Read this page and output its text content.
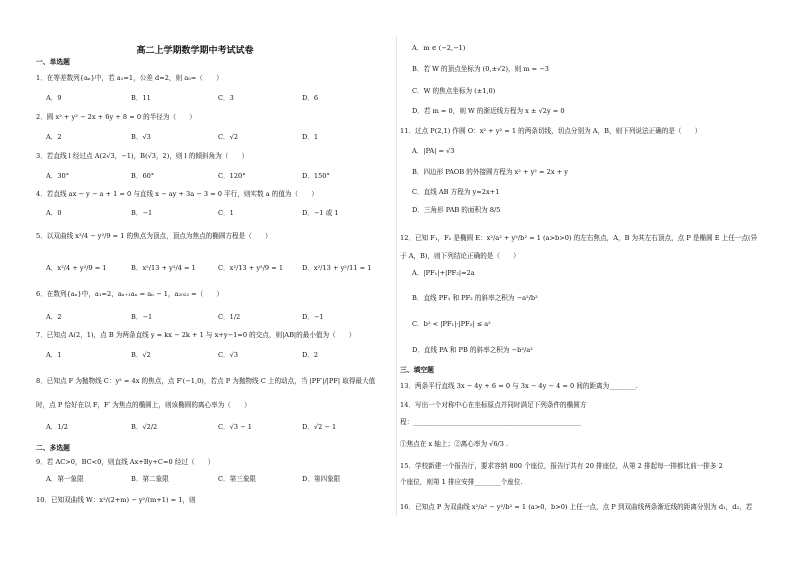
高二上学期数学期中考试试卷
一、单选题
1．在等差数列{aₙ}中，若 a₁=1，公差 d=2，则 a₅=（　　）
A．9	B．11	C．3	D．6
2．圆 x² + y² − 2x + 6y + 8 = 0 的半径为（　　）
A．2	B．√3	C．√2	D．1
3．若直线 l 经过点 A(2√3，−1)，B(√3，2)，则 l 的倾斜角为（　　）
A．30°	B．60°	C．120°	D．150°
4．若直线 ax − y − a + 1 = 0 与直线 x − ay + 3a − 3 = 0 平行，则实数 a 的值为（　　）
A．0	B．−1	C．1	D．−1 或 1
5．以双曲线 x²/4 − y²/9 = 1 的焦点为顶点，顶点为焦点的椭圆方程是（　　）
A．x²/4 + y²/9 = 1	B．x²/13 + y²/4 = 1	C．x²/13 + y²/9 = 1	D．x²/13 + y²/11 = 1
6．在数列{aₙ}中，a₁=2，aₙ₊₁aₙ = aₙ − 1，a₂₀₂₂ =（　　）
A．2	B．−1	C．1/2	D．−1
7．已知点 A(2，1)，点 B 为两条直线 y = kx − 2k + 1 与 x+y−1=0 的交点，则|AB|的最小值为（　　）
A．1	B．√2	C．√3	D．2
8．已知点 F 为抛物线 C：y² = 4x 的焦点，点 F′(−1,0)，若点 P 为抛物线 C 上的动点，当 |PF′|/|PF| 取得最大值
时，点 P 恰好在以 F，F′ 为焦点的椭圆上，则该椭圆的离心率为（　　）
A．1/2	B．√2/2	C．√3 − 1	D．√2 − 1
二、多选题
9．若 AC>0，BC<0，则直线 Ax+By+C=0 经过（　　）
A．第一象限	B．第二象限	C．第三象限	D．第四象限
10．已知双曲线 W：x²/(2+m) − y²/(m+1) = 1，则
A．m ∈ (−2,−1)
B．若 W 的顶点坐标为 (0,±√2)，则 m = −3
C．W 的焦点坐标为 (±1,0)
D．若 m = 0，则 W 的渐近线方程为 x ± √2y = 0
11．过点 P(2,1) 作圆 O：x² + y² = 1 的两条切线，切点分别为 A，B，则下列说法正确的是（　　）
A．|PA| = √3
B．四边形 PAOB 的外接圆方程为 x² + y² = 2x + y
C．直线 AB 方程为 y=2x+1
D．三角形 PAB 的面积为 8/5
12．已知 F₁，F₂ 是椭圆 E：x²/a² + y²/b² = 1 (a>b>0) 的左右焦点，A，B 为其左右顶点，点 P 是椭圆 E 上任一点(异
于 A，B)，则下列结论正确的是（　　）
A．|PF₁|+|PF₂|=2a
B．直线 PF₁ 和 PF₂ 的斜率之积为 −a²/b²
C．b² < |PF₁|·|PF₂| ≤ a²
D．直线 PA 和 PB 的斜率之积为 −b²/a²
三、填空题
13．两条平行直线 3x − 4y + 6 = 0 与 3x − 4y − 4 = 0 间的距离为________.
14．写出一个对称中心在坐标原点并同时满足下列条件的椭圆方
程：___________________________________________________
①焦点在 x 轴上；②离心率为 √6/3 .
15．学校新建一个报告厅，要求容纳 800 个座位，报告厅共有 20 排座位，从第 2 排起每一排都比前一排多 2
个座位，则第 1 排应安排________个座位.
16．已知点 P 为双曲线 x²/a² − y²/b² = 1 (a>0，b>0) 上任一点，点 P 到双曲线两条渐近线的距离分别为 d₁，d₂，若
